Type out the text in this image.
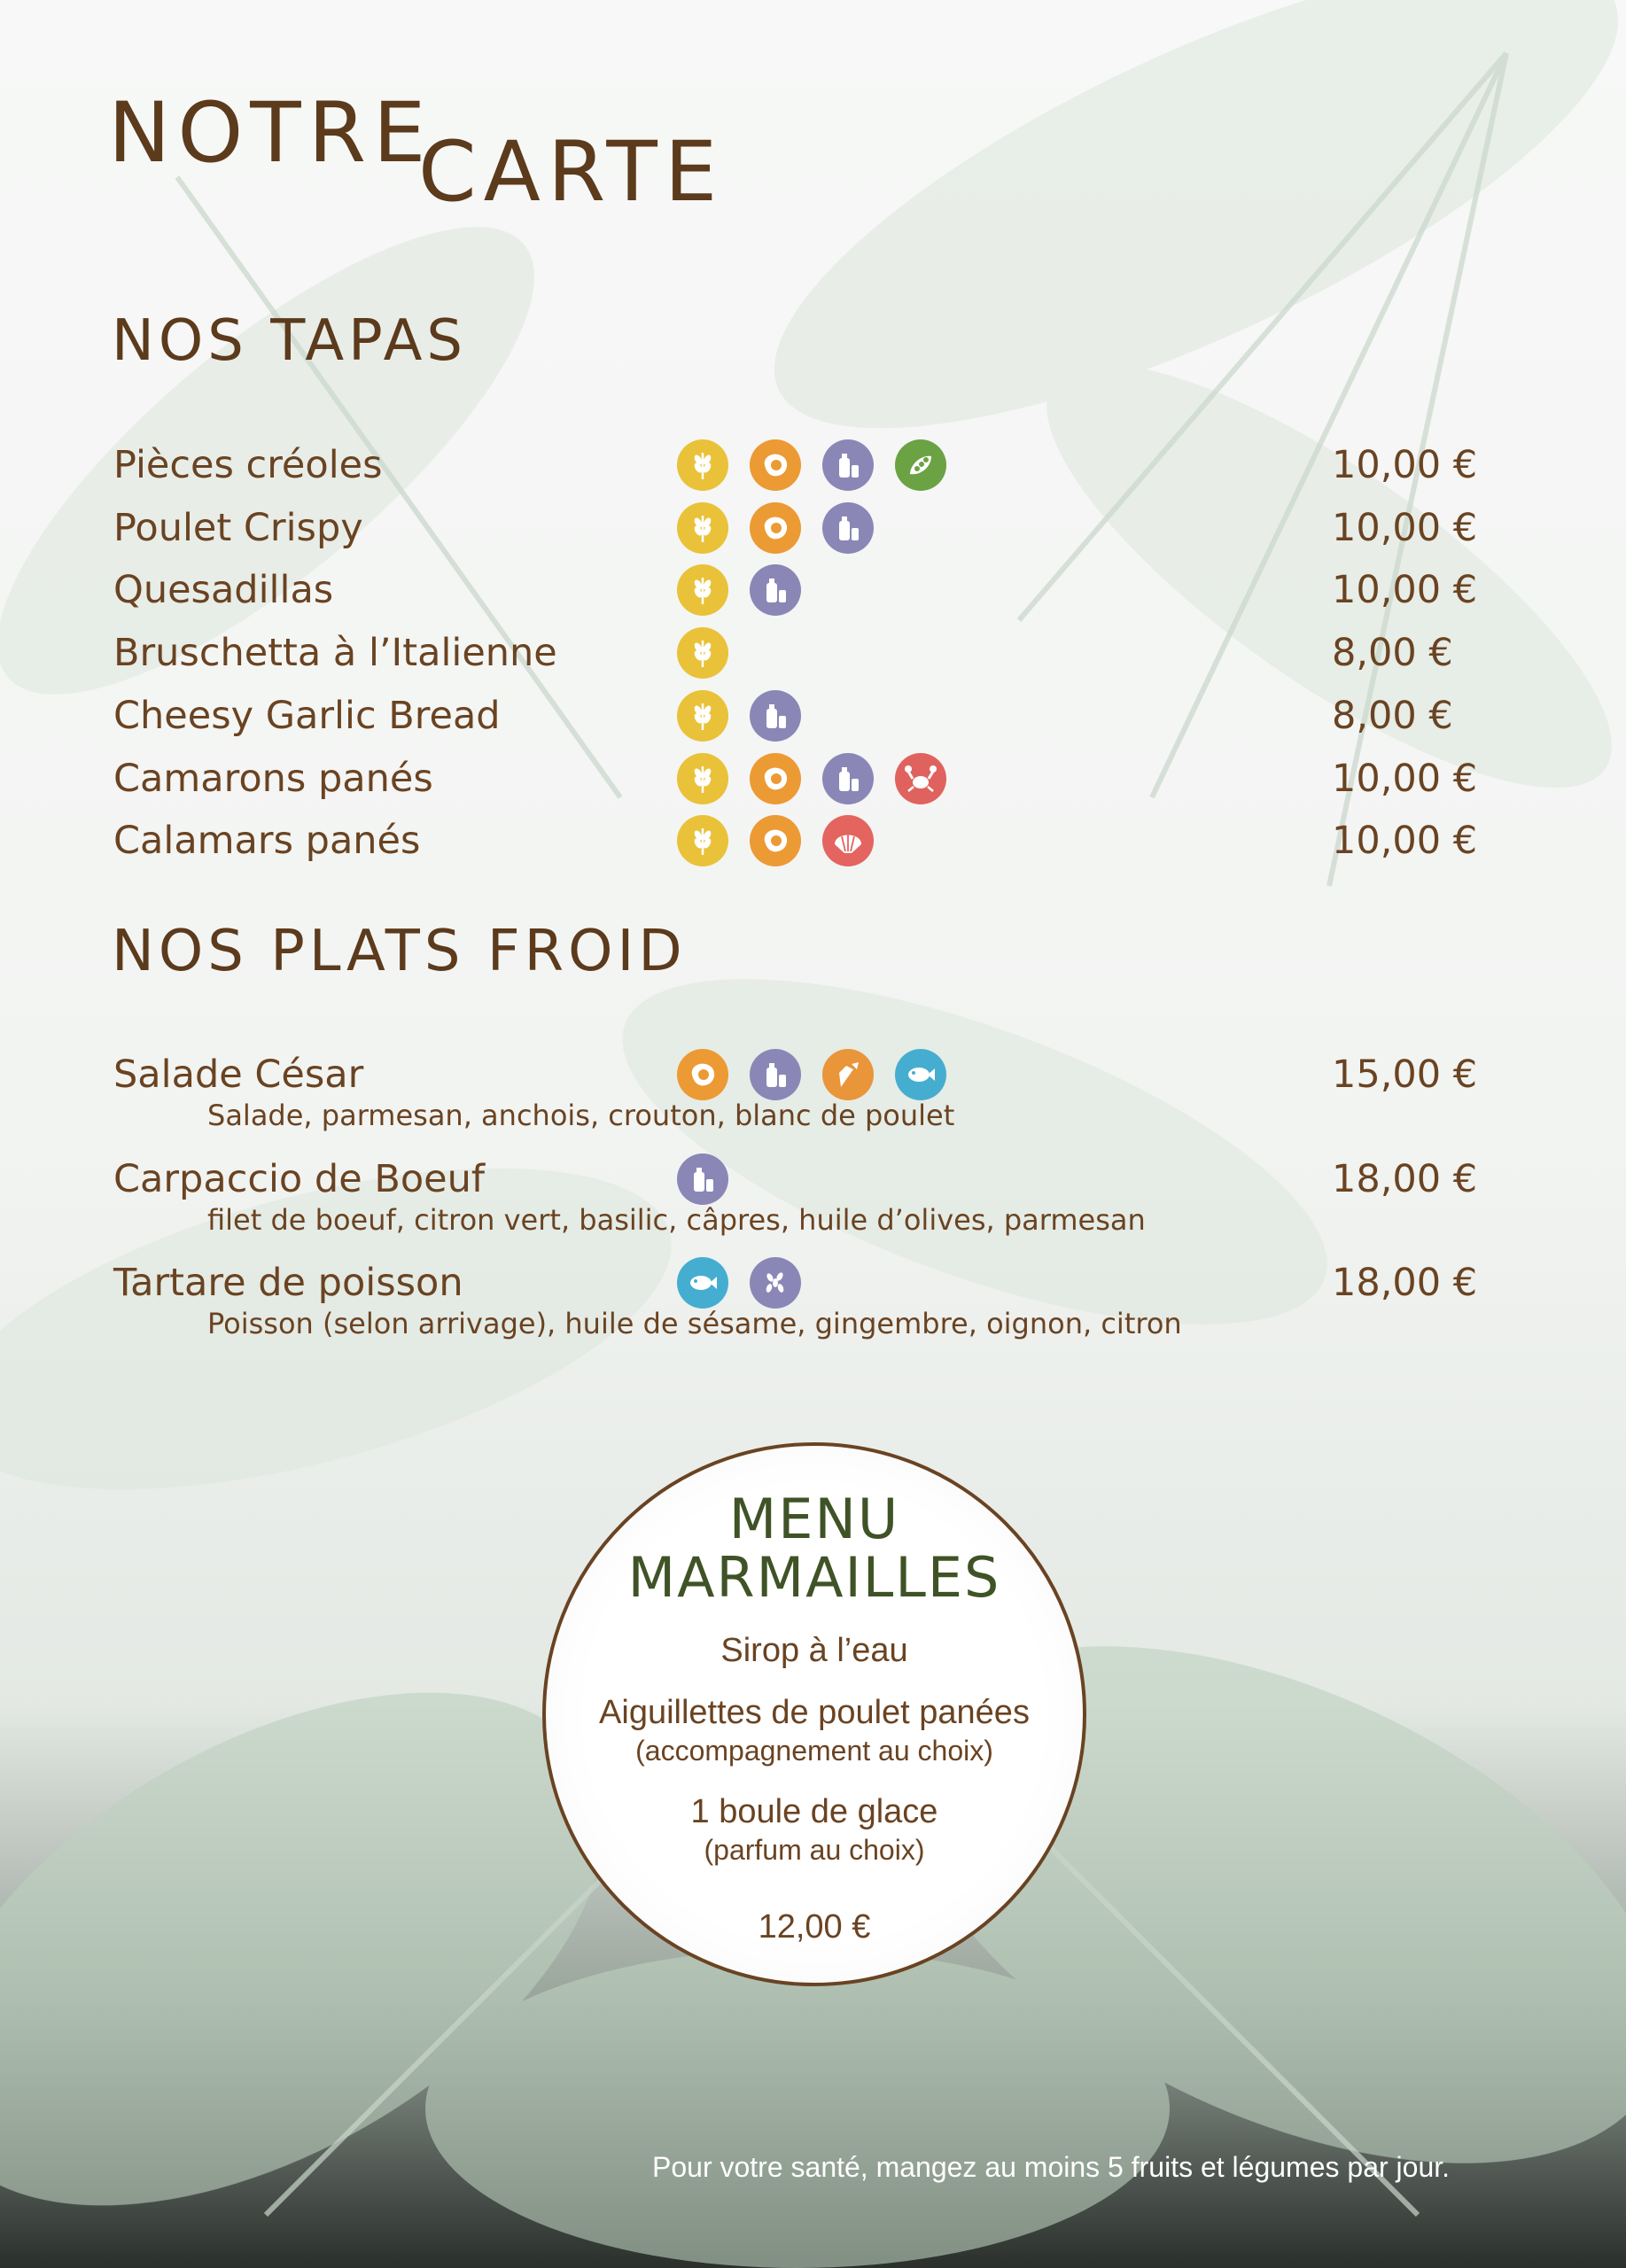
NOTRE
CARTE
NOS TAPAS
Pièces créoles	10,00 €
Poulet Crispy	10,00 €
Quesadillas	10,00 €
Bruschetta à l’Italienne	8,00 €
Cheesy Garlic Bread	8,00 €
Camarons panés	10,00 €
Calamars panés	10,00 €
NOS PLATS FROID
Salade César	15,00 €
Salade, parmesan, anchois, crouton, blanc de poulet
Carpaccio de Boeuf	18,00 €
filet de boeuf, citron vert, basilic, câpres, huile d’olives, parmesan
Tartare de poisson	18,00 €
Poisson (selon arrivage), huile de sésame, gingembre, oignon, citron
MENU
MARMAILLES
Sirop à l’eau
Aiguillettes de poulet panées
(accompagnement au choix)
1 boule de glace
(parfum au choix)
12,00 €
Pour votre santé, mangez au moins 5 fruits et légumes par jour.
